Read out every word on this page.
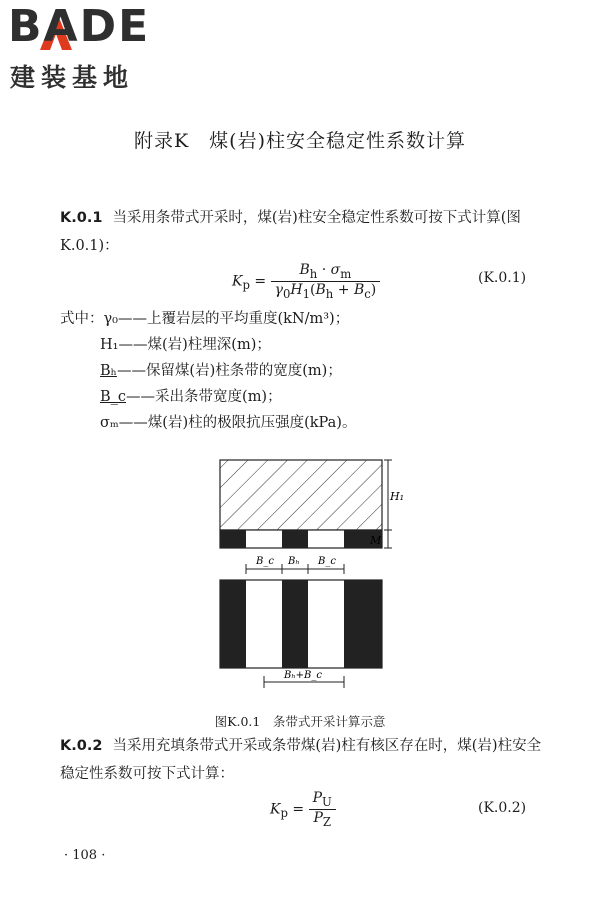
BADE
建装基地
附录K　煤(岩)柱安全稳定性系数计算
K.0.1 当采用条带式开采时，煤(岩)柱安全稳定性系数可按下式计算(图K.0.1)：
$K_p = \frac{B_h \cdot \sigma_m}{\gamma_0H_1(B_h + B_c)}$	(K.0.1)
式中：γ₀——上覆岩层的平均重度(kN/m³)；
H₁——煤(岩)柱埋深(m)；
Bₕ——保留煤(岩)柱条带的宽度(m)；
B_c——采出条带宽度(m)；
σₘ——煤(岩)柱的极限抗压强度(kPa)。
H₁
M
B_c Bₕ B_c
Bₕ+B_c
图K.0.1　条带式开采计算示意
K.0.2 当采用充填条带式开采或条带煤(岩)柱有核区存在时，煤(岩)柱安全稳定性系数可按下式计算：
$K_p = \frac{P_U}{P_Z}$	(K.0.2)
· 108 ·
